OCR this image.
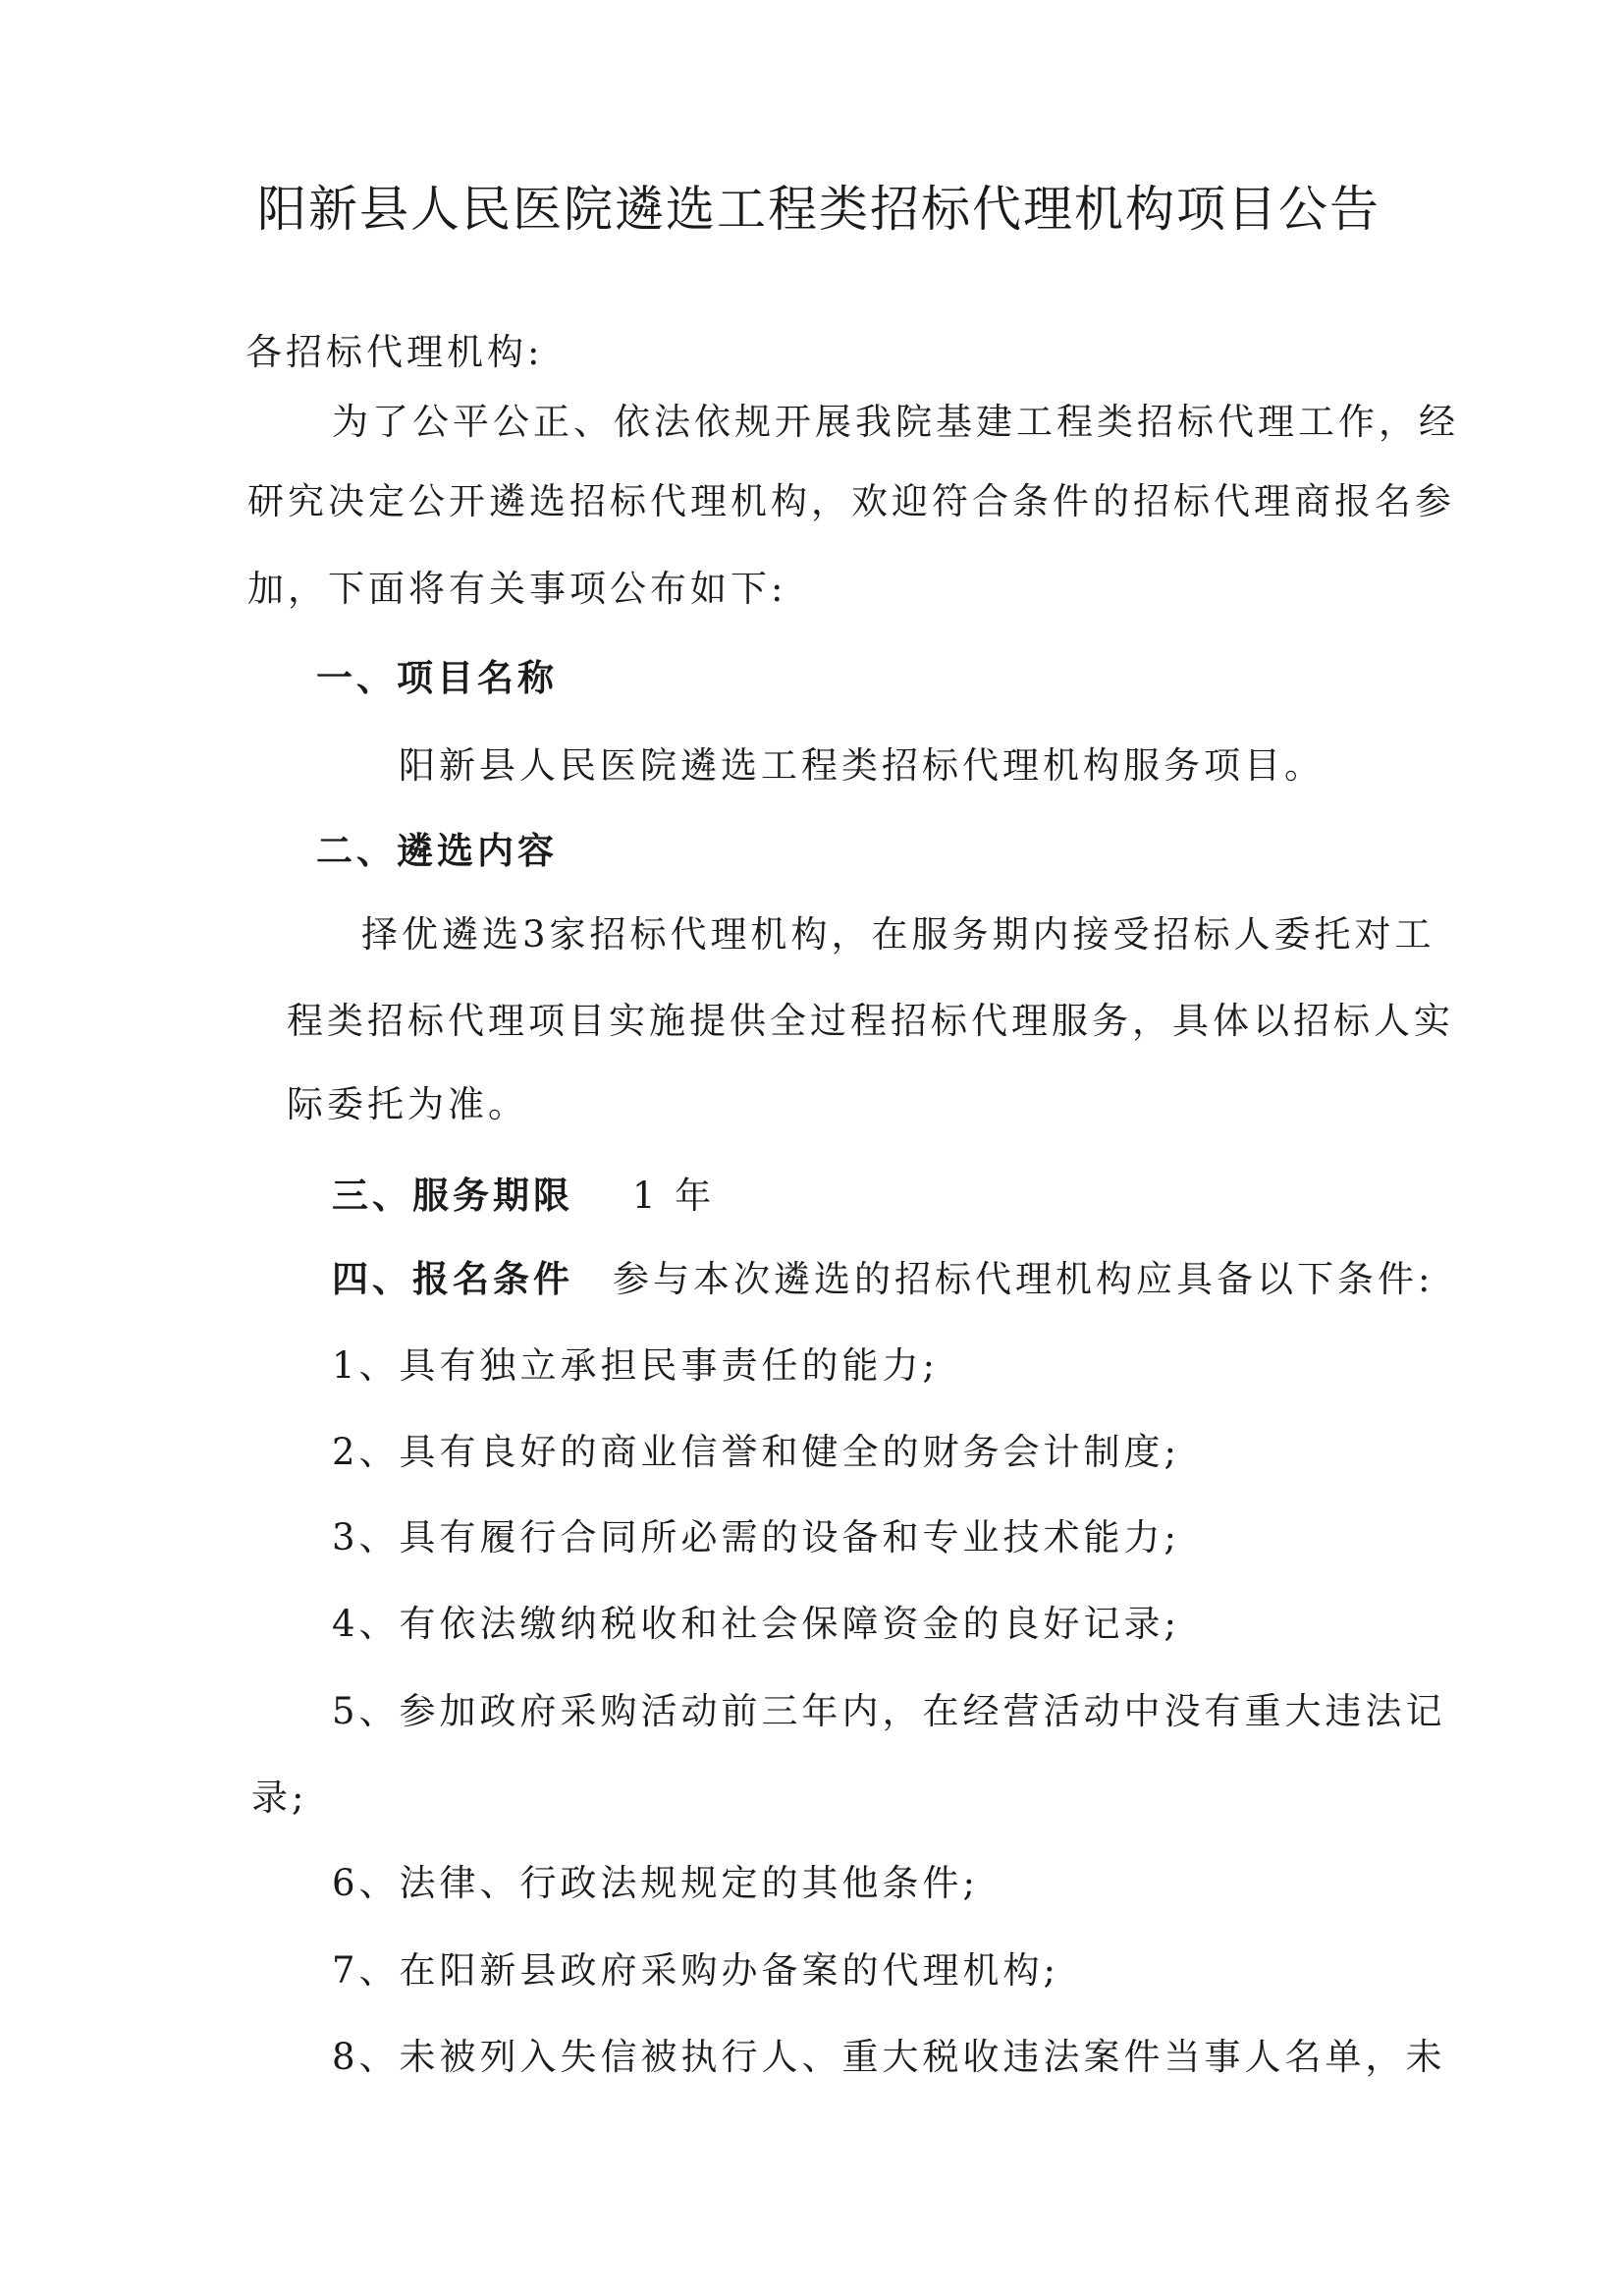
阳新县人民医院遴选工程类招标代理机构项目公告
各招标代理机构:
为了公平公正、依法依规开展我院基建工程类招标代理工作，经
研究决定公开遴选招标代理机构，欢迎符合条件的招标代理商报名参
加，下面将有关事项公布如下:
一、项目名称
阳新县人民医院遴选工程类招标代理机构服务项目。
二、遴选内容
择优遴选3家招标代理机构，在服务期内接受招标人委托对工
程类招标代理项目实施提供全过程招标代理服务，具体以招标人实
际委托为准。
三、服务期限 1 年
四、报名条件 参与本次遴选的招标代理机构应具备以下条件:
1、具有独立承担民事责任的能力;
2、具有良好的商业信誉和健全的财务会计制度;
3、具有履行合同所必需的设备和专业技术能力;
4、有依法缴纳税收和社会保障资金的良好记录;
5、参加政府采购活动前三年内，在经营活动中没有重大违法记
录;
6、法律、行政法规规定的其他条件;
7、在阳新县政府采购办备案的代理机构;
8、未被列入失信被执行人、重大税收违法案件当事人名单，未
